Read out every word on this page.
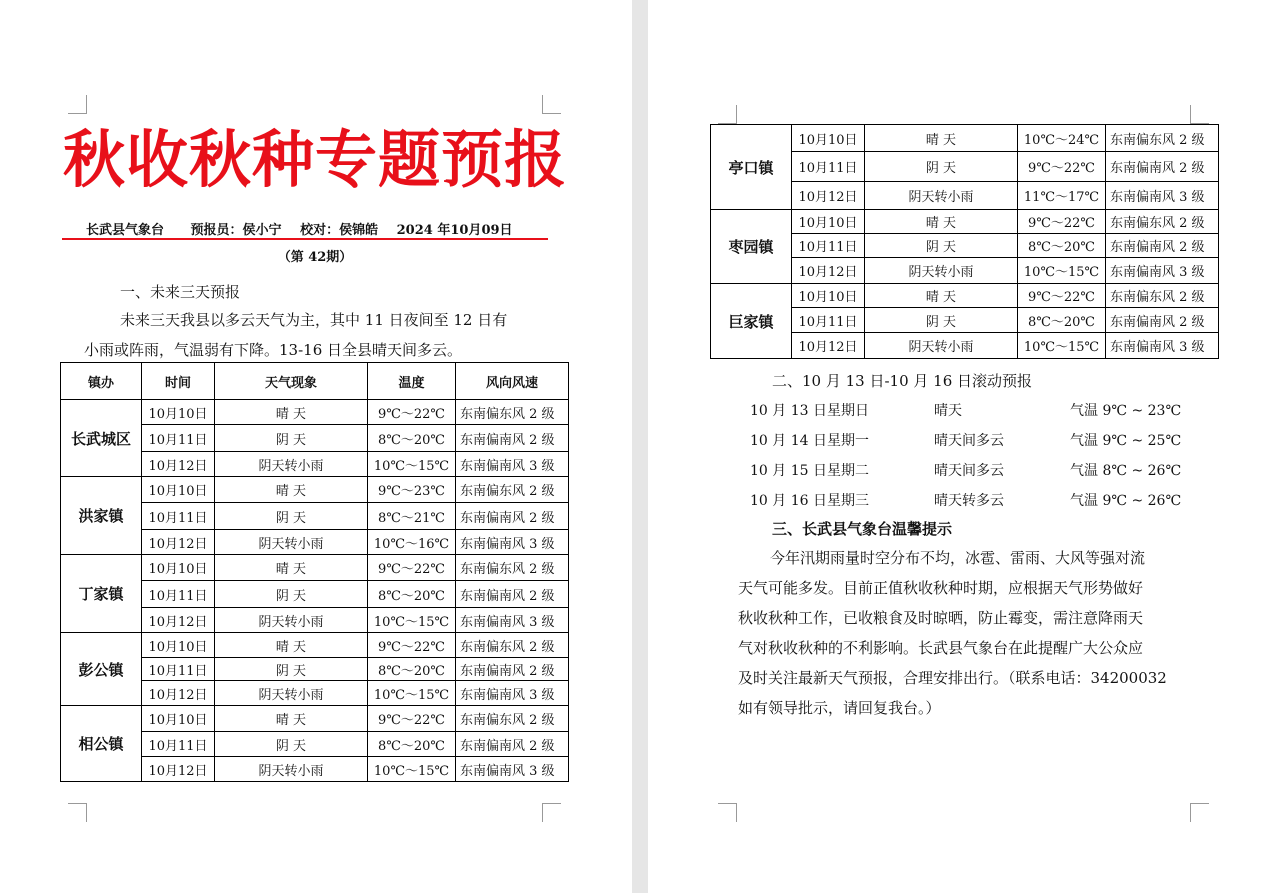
秋收秋种专题预报
长武县气象台 预报员：侯小宁 校对：侯锦皓 2024 年10月09日
（第 42期）
一、未来三天预报
未来三天我县以多云天气为主，其中 11 日夜间至 12 日有
小雨或阵雨，气温弱有下降。13-16 日全县晴天间多云。
镇办	时间	天气现象	温度	风向风速
长武城区	10月10日	晴 天	9℃～22℃	东南偏东风 2 级
	10月11日	阴 天	8℃～20℃	东南偏南风 2 级
	10月12日	阴天转小雨	10℃～15℃	东南偏南风 3 级
洪家镇	10月10日	晴 天	9℃～23℃	东南偏东风 2 级
	10月11日	阴 天	8℃～21℃	东南偏南风 2 级
	10月12日	阴天转小雨	10℃～16℃	东南偏南风 3 级
丁家镇	10月10日	晴 天	9℃～22℃	东南偏东风 2 级
	10月11日	阴 天	8℃～20℃	东南偏南风 2 级
	10月12日	阴天转小雨	10℃～15℃	东南偏南风 3 级
彭公镇	10月10日	晴 天	9℃～22℃	东南偏东风 2 级
	10月11日	阴 天	8℃～20℃	东南偏南风 2 级
	10月12日	阴天转小雨	10℃～15℃	东南偏南风 3 级
相公镇	10月10日	晴 天	9℃～22℃	东南偏东风 2 级
	10月11日	阴 天	8℃～20℃	东南偏南风 2 级
	10月12日	阴天转小雨	10℃～15℃	东南偏南风 3 级
亭口镇	10月10日	晴 天	10℃～24℃	东南偏东风 2 级
	10月11日	阴 天	9℃～22℃	东南偏南风 2 级
	10月12日	阴天转小雨	11℃～17℃	东南偏南风 3 级
枣园镇	10月10日	晴 天	9℃～22℃	东南偏东风 2 级
	10月11日	阴 天	8℃～20℃	东南偏南风 2 级
	10月12日	阴天转小雨	10℃～15℃	东南偏南风 3 级
巨家镇	10月10日	晴 天	9℃～22℃	东南偏东风 2 级
	10月11日	阴 天	8℃～20℃	东南偏南风 2 级
	10月12日	阴天转小雨	10℃～15℃	东南偏南风 3 级
二、10 月 13 日-10 月 16 日滚动预报
10 月 13 日星期日	晴天	气温 9℃ ~ 23℃
10 月 14 日星期一	晴天间多云	气温 9℃ ~ 25℃
10 月 15 日星期二	晴天间多云	气温 8℃ ~ 26℃
10 月 16 日星期三	晴天转多云	气温 9℃ ~ 26℃
三、长武县气象台温馨提示
今年汛期雨量时空分布不均，冰雹、雷雨、大风等强对流
天气可能多发。目前正值秋收秋种时期，应根据天气形势做好
秋收秋种工作，已收粮食及时晾晒，防止霉变，需注意降雨天
气对秋收秋种的不利影响。长武县气象台在此提醒广大公众应
及时关注最新天气预报，合理安排出行。（联系电话：34200032
如有领导批示，请回复我台。）
